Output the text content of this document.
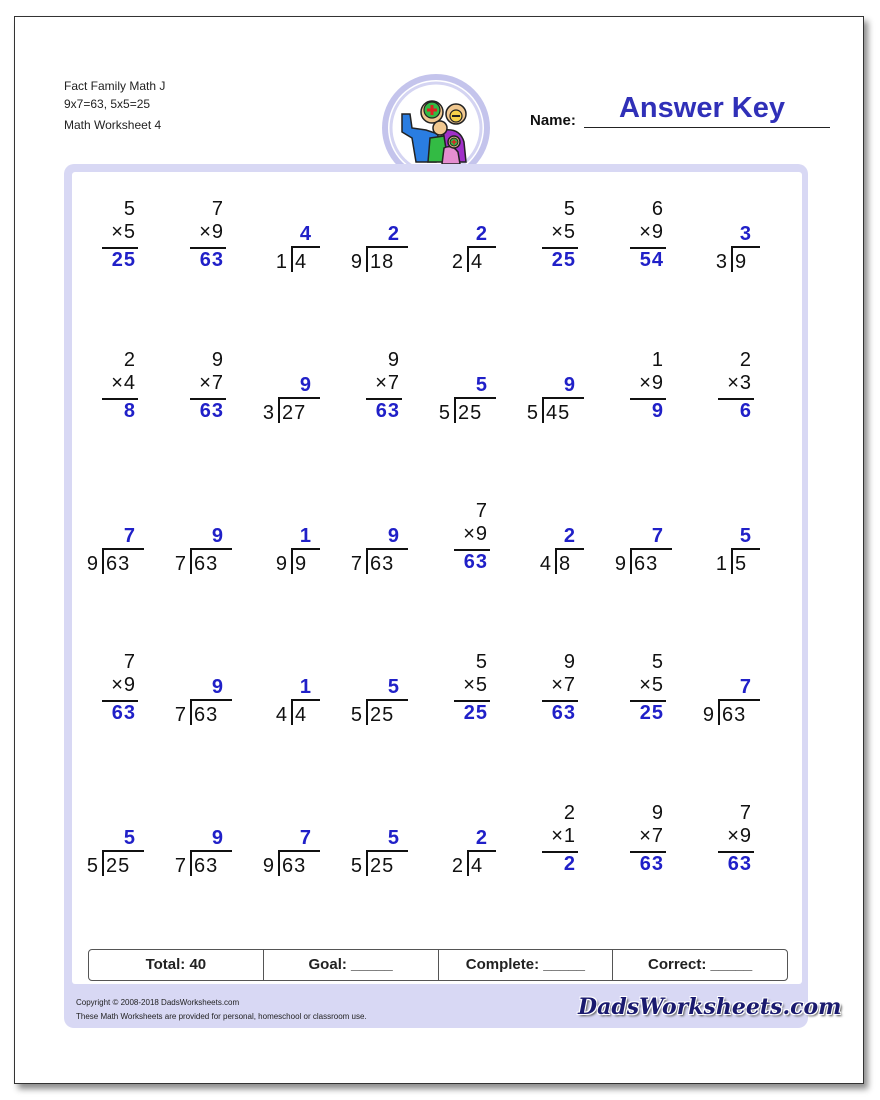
Fact Family Math J
9x7=63, 5x5=25
Math Worksheet 4
Answer Key
Name:
5
×5
25
7
×9
63
4
4
1
2
18
9
2
4
2
5
×5
25
6
×9
54
3
9
3
2
×4
8
9
×7
63
9
27
3
9
×7
63
5
25
5
9
45
5
1
×9
9
2
×3
6
7
63
9
9
63
7
1
9
9
9
63
7
7
×9
63
2
8
4
7
63
9
5
5
1
7
×9
63
9
63
7
1
4
4
5
25
5
5
×5
25
9
×7
63
5
×5
25
7
63
9
5
25
5
9
63
7
7
63
9
5
25
5
2
4
2
2
×1
2
9
×7
63
7
×9
63
Total: 40	Goal: _____	Complete: _____	Correct: _____
Copyright © 2008-2018 DadsWorksheets.com
These Math Worksheets are provided for personal, homeschool or classroom use.	DadsWorksheets.com
